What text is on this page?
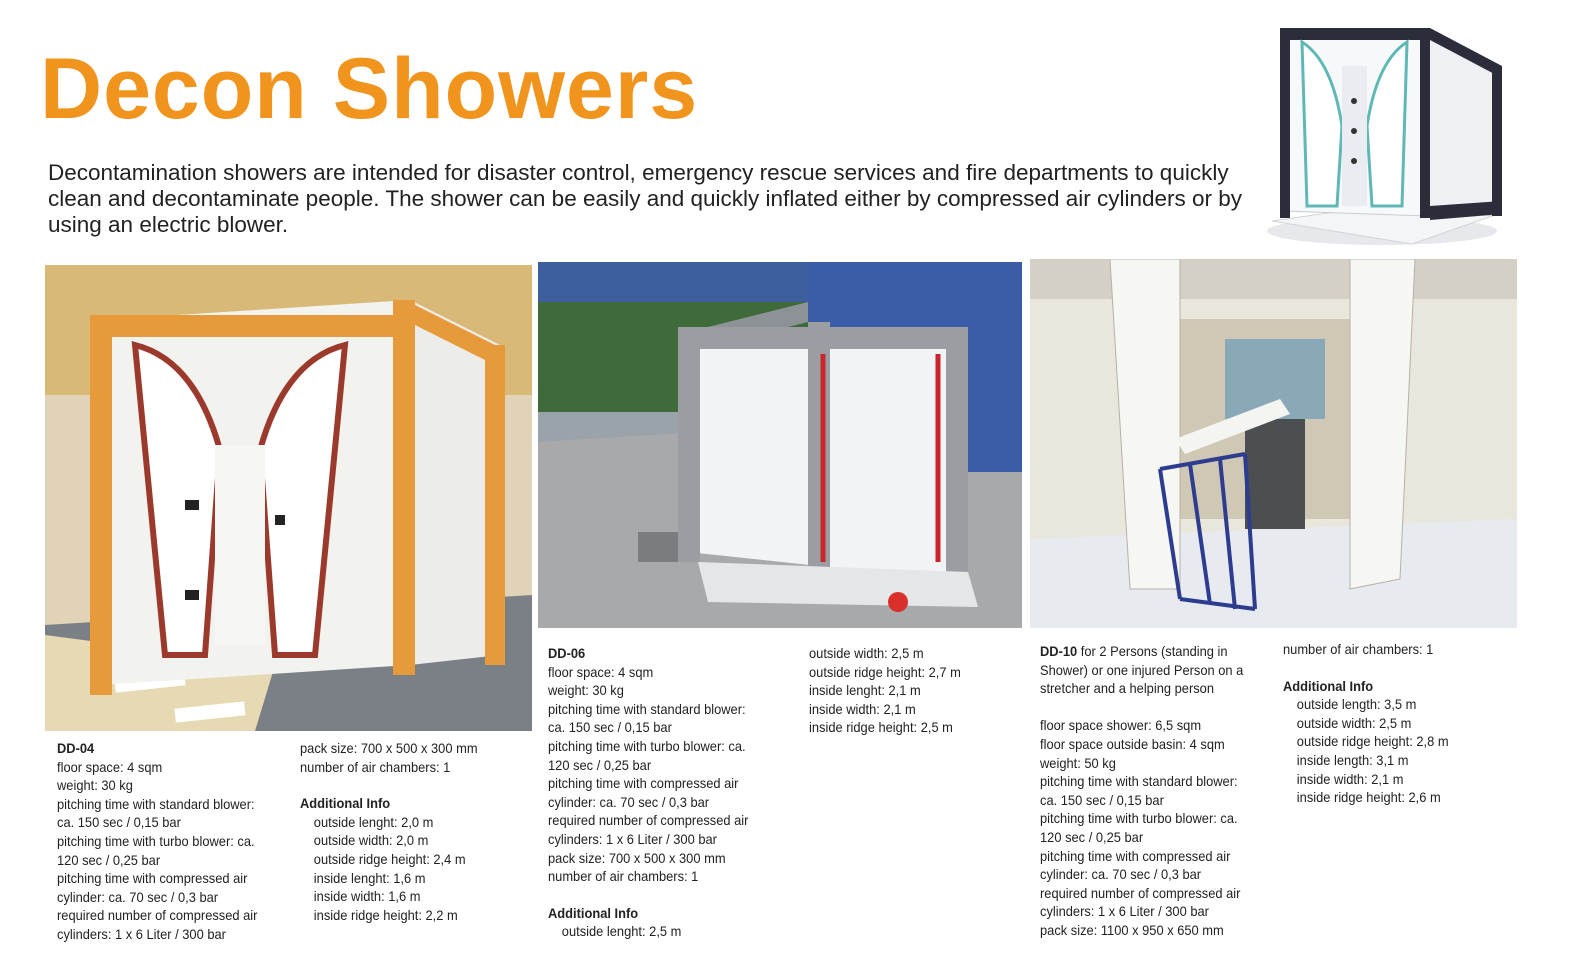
Decon Showers
Decontamination showers are intended for disaster control, emergency rescue services and fire departments to quickly clean and decontaminate people. The shower can be easily and quickly inflated either by compressed air cylinders or by using an electric blower.
DD-04
floor space: 4 sqm
weight: 30 kg
pitching time with standard blower:
ca. 150 sec / 0,15 bar
pitching time with turbo blower: ca.
120 sec / 0,25 bar
pitching time with compressed air
cylinder: ca. 70 sec / 0,3 bar
required number of compressed air
cylinders: 1 x 6 Liter / 300 bar
pack size: 700 x 500 x 300 mm
number of air chambers: 1
Additional Info
outside lenght: 2,0 m
outside width: 2,0 m
outside ridge height: 2,4 m
inside lenght: 1,6 m
inside width: 1,6 m
inside ridge height: 2,2 m
DD-06
floor space: 4 sqm
weight: 30 kg
pitching time with standard blower:
ca. 150 sec / 0,15 bar
pitching time with turbo blower: ca.
120 sec / 0,25 bar
pitching time with compressed air
cylinder: ca. 70 sec / 0,3 bar
required number of compressed air
cylinders: 1 x 6 Liter / 300 bar
pack size: 700 x 500 x 300 mm
number of air chambers: 1
Additional Info
outside lenght: 2,5 m
outside width: 2,5 m
outside ridge height: 2,7 m
inside lenght: 2,1 m
inside width: 2,1 m
inside ridge height: 2,5 m
DD-10 for 2 Persons (standing in
Shower) or one injured Person on a
stretcher and a helping person
floor space shower: 6,5 sqm
floor space outside basin: 4 sqm
weight: 50 kg
pitching time with standard blower:
ca. 150 sec / 0,15 bar
pitching time with turbo blower: ca.
120 sec / 0,25 bar
pitching time with compressed air
cylinder: ca. 70 sec / 0,3 bar
required number of compressed air
cylinders: 1 x 6 Liter / 300 bar
pack size: 1100 x 950 x 650 mm
number of air chambers: 1
Additional Info
outside length: 3,5 m
outside width: 2,5 m
outside ridge height: 2,8 m
inside length: 3,1 m
inside width: 2,1 m
inside ridge height: 2,6 m
